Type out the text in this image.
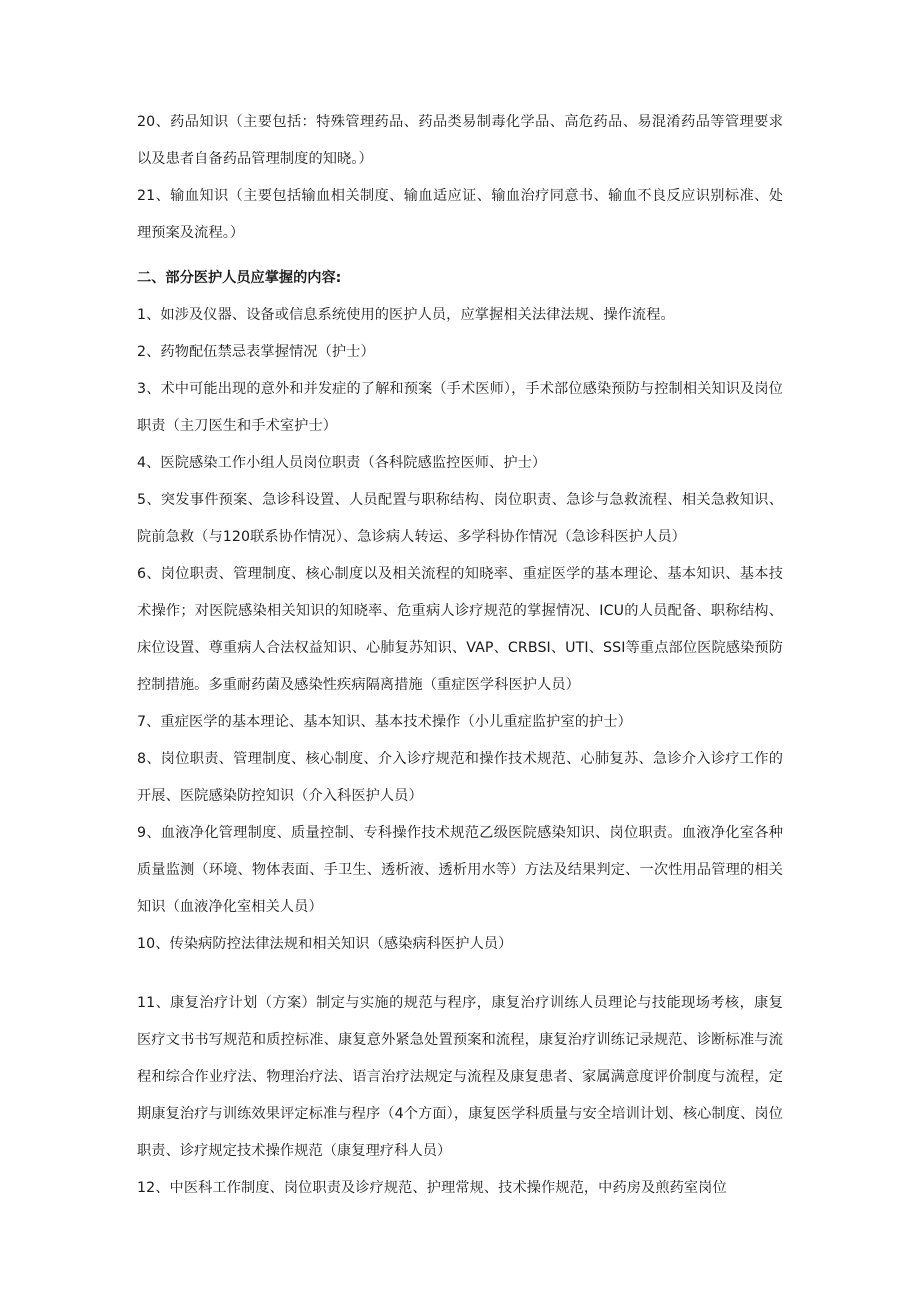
20、药品知识（主要包括：特殊管理药品、药品类易制毒化学品、高危药品、易混淆药品等管理要求以及患者自备药品管理制度的知晓。）

21、输血知识（主要包括输血相关制度、输血适应证、输血治疗同意书、输血不良反应识别标准、处理预案及流程。）

二、部分医护人员应掌握的内容:

1、如涉及仪器、设备或信息系统使用的医护人员，应掌握相关法律法规、操作流程。

2、药物配伍禁忌表掌握情况（护士）

3、术中可能出现的意外和并发症的了解和预案（手术医师），手术部位感染预防与控制相关知识及岗位职责（主刀医生和手术室护士）

4、医院感染工作小组人员岗位职责（各科院感监控医师、护士）

5、突发事件预案、急诊科设置、人员配置与职称结构、岗位职责、急诊与急救流程、相关急救知识、院前急救（与120联系协作情况）、急诊病人转运、多学科协作情况（急诊科医护人员）

6、岗位职责、管理制度、核心制度以及相关流程的知晓率、重症医学的基本理论、基本知识、基本技术操作；对医院感染相关知识的知晓率、危重病人诊疗规范的掌握情况、ICU的人员配备、职称结构、床位设置、尊重病人合法权益知识、心肺复苏知识、VAP、CRBSI、UTI、SSI等重点部位医院感染预防控制措施。多重耐药菌及感染性疾病隔离措施（重症医学科医护人员）

7、重症医学的基本理论、基本知识、基本技术操作（小儿重症监护室的护士）

8、岗位职责、管理制度、核心制度、介入诊疗规范和操作技术规范、心肺复苏、急诊介入诊疗工作的开展、医院感染防控知识（介入科医护人员）

9、血液净化管理制度、质量控制、专科操作技术规范乙级医院感染知识、岗位职责。血液净化室各种质量监测（环境、物体表面、手卫生、透析液、透析用水等）方法及结果判定、一次性用品管理的相关知识（血液净化室相关人员）

10、传染病防控法律法规和相关知识（感染病科医护人员）

11、康复治疗计划（方案）制定与实施的规范与程序，康复治疗训练人员理论与技能现场考核，康复医疗文书书写规范和质控标准、康复意外紧急处置预案和流程，康复治疗训练记录规范、诊断标准与流程和综合作业疗法、物理治疗法、语言治疗法规定与流程及康复患者、家属满意度评价制度与流程，定期康复治疗与训练效果评定标准与程序（4个方面），康复医学科质量与安全培训计划、核心制度、岗位职责、诊疗规定技术操作规范（康复理疗科人员）

12、中医科工作制度、岗位职责及诊疗规范、护理常规、技术操作规范，中药房及煎药室岗位
